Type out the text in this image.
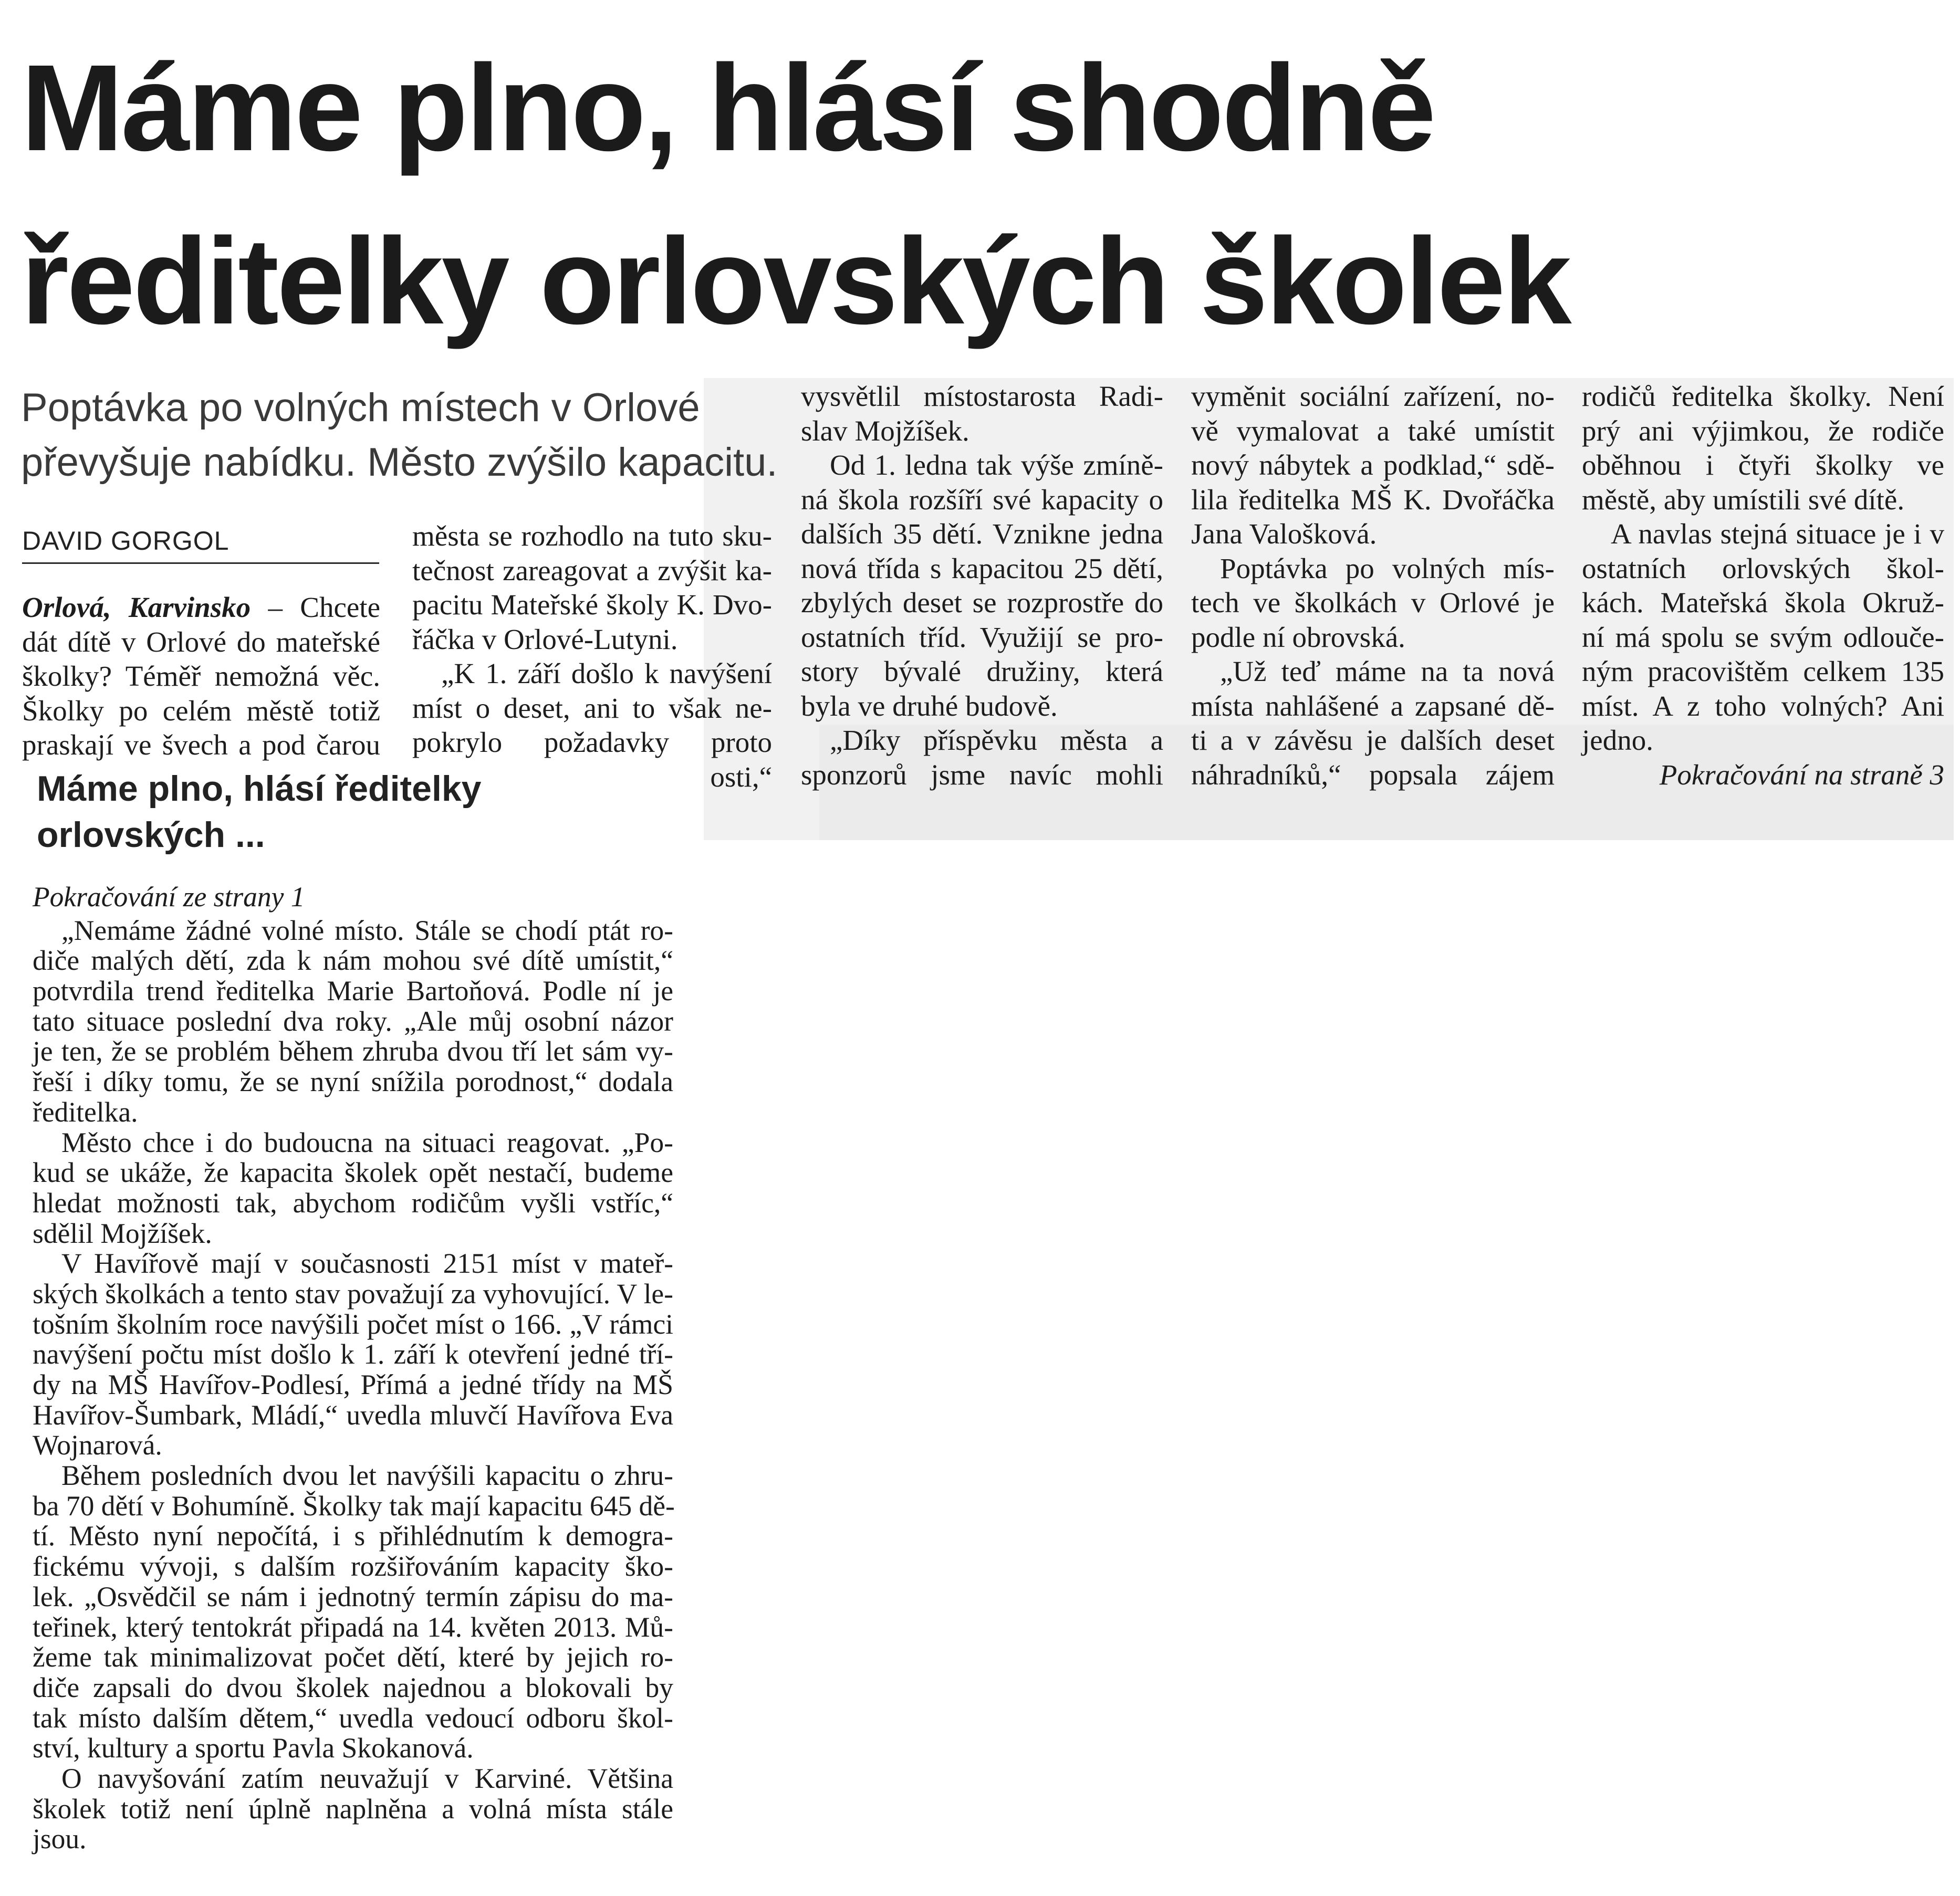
Máme plno, hlásí shodně
ředitelky orlovských školek

Poptávka po volných místech v Orlové
převyšuje nabídku. Město zvýšilo kapacitu.

DAVID GORGOL

Orlová, Karvinsko – Chcete
dát dítě v Orlové do mateřské
školky? Téměř nemožná věc.
Školky po celém městě totiž
praskají ve švech a pod čarou
města se rozhodlo na tuto sku-
tečnost zareagovat a zvýšit ka-
pacitu Mateřské školy K. Dvo-
řáčka v Orlové-Lutyni.
„K 1. září došlo k navýšení
míst o deset, ani to však ne-
pokrylo požadavky proto
osti,“
vysvětlil místostarosta Radi-
slav Mojžíšek.
Od 1. ledna tak výše zmíně-
ná škola rozšíří své kapacity o
dalších 35 dětí. Vznikne jedna
nová třída s kapacitou 25 dětí,
zbylých deset se rozprostře do
ostatních tříd. Využijí se pro-
story bývalé družiny, která
byla ve druhé budově.
„Díky příspěvku města a
sponzorů jsme navíc mohli
vyměnit sociální zařízení, no-
vě vymalovat a také umístit
nový nábytek a podklad,“ sdě-
lila ředitelka MŠ K. Dvořáčka
Jana Valošková.
Poptávka po volných mís-
tech ve školkách v Orlové je
podle ní obrovská.
„Už teď máme na ta nová
místa nahlášené a zapsané dě-
ti a v závěsu je dalších deset
náhradníků,“ popsala zájem
rodičů ředitelka školky. Není
prý ani výjimkou, že rodiče
oběhnou i čtyři školky ve
městě, aby umístili své dítě.
A navlas stejná situace je i v
ostatních orlovských škol-
kách. Mateřská škola Okruž-
ní má spolu se svým odlouče-
ným pracovištěm celkem 135
míst. A z toho volných? Ani
jedno.
Pokračování na straně 3
Máme plno, hlásí ředitelky
orlovských ...
Pokračování ze strany 1
„Nemáme žádné volné místo. Stále se chodí ptát ro-
diče malých dětí, zda k nám mohou své dítě umístit,“
potvrdila trend ředitelka Marie Bartoňová. Podle ní je
tato situace poslední dva roky. „Ale můj osobní názor
je ten, že se problém během zhruba dvou tří let sám vy-
řeší i díky tomu, že se nyní snížila porodnost,“ dodala
ředitelka.
Město chce i do budoucna na situaci reagovat. „Po-
kud se ukáže, že kapacita školek opět nestačí, budeme
hledat možnosti tak, abychom rodičům vyšli vstříc,“
sdělil Mojžíšek.
V Havířově mají v současnosti 2151 míst v mateř-
ských školkách a tento stav považují za vyhovující. V le-
tošním školním roce navýšili počet míst o 166. „V rámci
navýšení počtu míst došlo k 1. září k otevření jedné tří-
dy na MŠ Havířov-Podlesí, Přímá a jedné třídy na MŠ
Havířov-Šumbark, Mládí,“ uvedla mluvčí Havířova Eva
Wojnarová.
Během posledních dvou let navýšili kapacitu o zhru-
ba 70 dětí v Bohumíně. Školky tak mají kapacitu 645 dě-
tí. Město nyní nepočítá, i s přihlédnutím k demogra-
fickému vývoji, s dalším rozšiřováním kapacity ško-
lek. „Osvědčil se nám i jednotný termín zápisu do ma-
teřinek, který tentokrát připadá na 14. květen 2013. Mů-
žeme tak minimalizovat počet dětí, které by jejich ro-
diče zapsali do dvou školek najednou a blokovali by
tak místo dalším dětem,“ uvedla vedoucí odboru škol-
ství, kultury a sportu Pavla Skokanová.
O navyšování zatím neuvažují v Karviné. Většina
školek totiž není úplně naplněna a volná místa stále
jsou.
